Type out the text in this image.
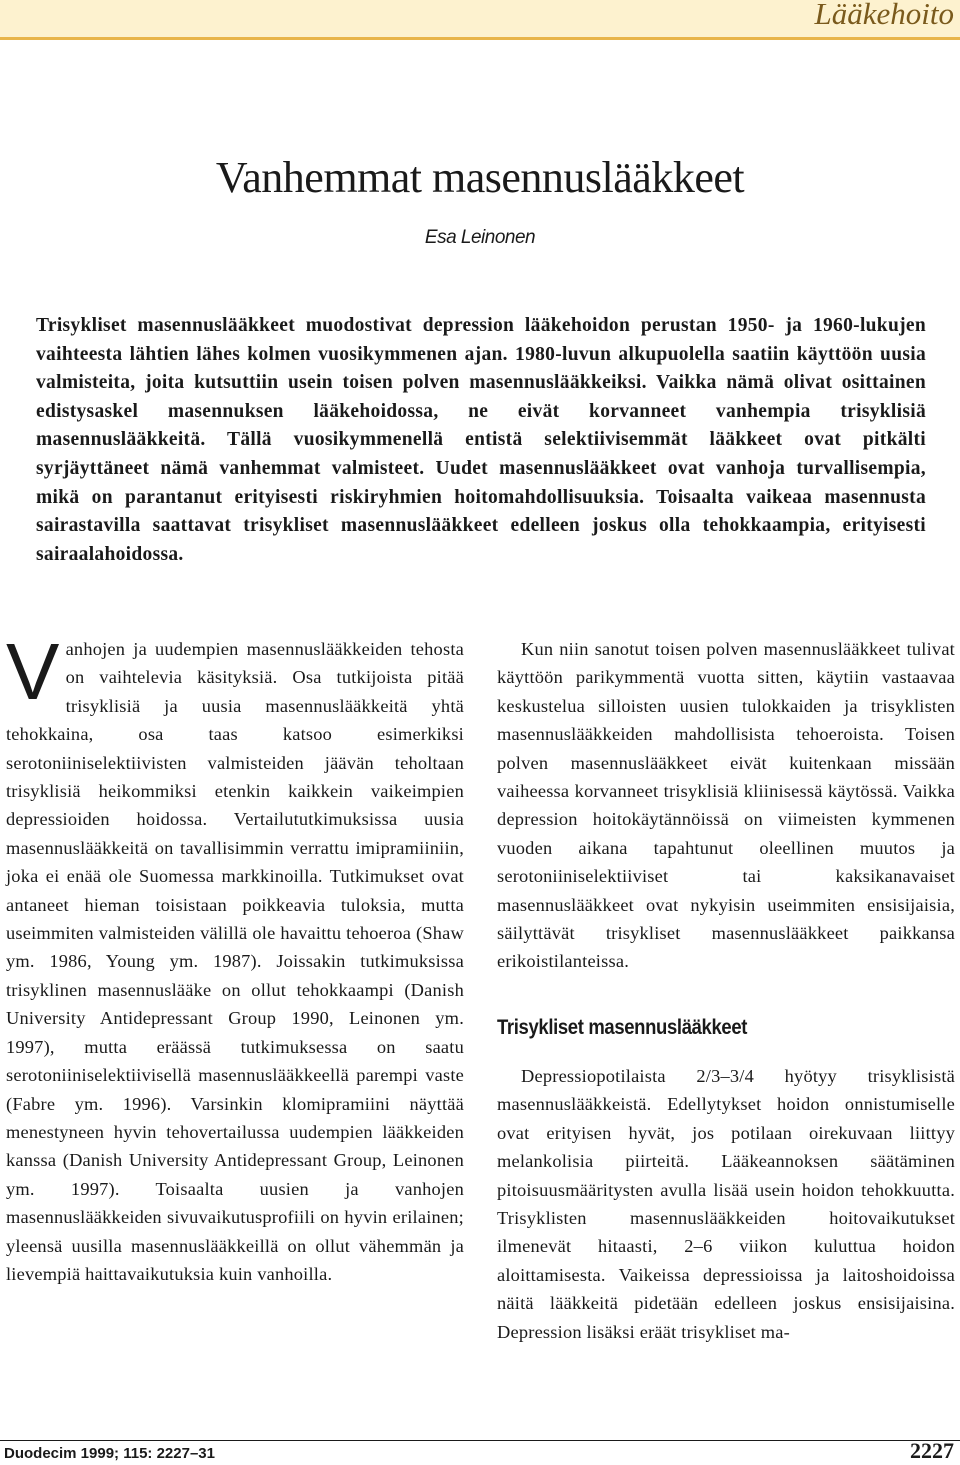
Lääkehoito
Vanhemmat masennuslääkkeet
Esa Leinonen

Trisykliset masennuslääkkeet muodostivat depression lääkehoidon perustan 1950- ja 1960-lukujen vaihteesta lähtien lähes kolmen vuosikymmenen ajan. 1980-luvun alkupuolella saatiin käyttöön uusia valmisteita, joita kutsuttiin usein toisen polven masennuslääkkeiksi. Vaikka nämä olivat osittainen edistysaskel masennuksen lääkehoidossa, ne eivät korvanneet vanhempia trisyklisiä masennuslääkkeitä. Tällä vuosikymmenellä entistä selektiivisemmät lääkkeet ovat pitkälti syrjäyttäneet nämä vanhemmat valmisteet. Uudet masennuslääkkeet ovat vanhoja turvallisempia, mikä on parantanut erityisesti riskiryhmien hoitomahdollisuuksia. Toisaalta vaikeaa masennusta sairastavilla saattavat trisykliset masennuslääkkeet edelleen joskus olla tehokkaampia, erityisesti sairaalahoidossa.

Vanhojen ja uudempien masennuslääkkeiden tehosta on vaihtelevia käsityksiä. Osa tutkijoista pitää trisyklisiä ja uusia masennuslääkkeitä yhtä tehokkaina, osa taas katsoo esimerkiksi serotoniiniselektiivisten valmisteiden jäävän teholtaan trisyklisiä heikommiksi etenkin kaikkein vaikeimpien depressioiden hoidossa. Vertailututkimuksissa uusia masennuslääkkeitä on tavallisimmin verrattu imipramiiniin, joka ei enää ole Suomessa markkinoilla. Tutkimukset ovat antaneet hieman toisistaan poikkeavia tuloksia, mutta useimmiten valmisteiden välillä ole havaittu tehoeroa (Shaw ym. 1986, Young ym. 1987). Joissakin tutkimuksissa trisyklinen masennuslääke on ollut tehokkaampi (Danish University Antidepressant Group 1990, Leinonen ym. 1997), mutta eräässä tutkimuksessa on saatu serotoniiniselektiivisellä masennuslääkkeellä parempi vaste (Fabre ym. 1996). Varsinkin klomipramiini näyttää menestyneen hyvin tehovertailussa uudempien lääkkeiden kanssa (Danish University Antidepressant Group, Leinonen ym. 1997). Toisaalta uusien ja vanhojen masennuslääkkeiden sivuvaikutusprofiili on hyvin erilainen; yleensä uusilla masennuslääkkeillä on ollut vähemmän ja lievempiä haittavaikutuksia kuin vanhoilla.

Kun niin sanotut toisen polven masennuslääkkeet tulivat käyttöön parikymmentä vuotta sitten, käytiin vastaavaa keskustelua silloisten uusien tulokkaiden ja trisyklisten masennuslääkkeiden mahdollisista tehoeroista. Toisen polven masennuslääkkeet eivät kuitenkaan missään vaiheessa korvanneet trisyklisiä kliinisessä käytössä. Vaikka depression hoitokäytännöissä on viimeisten kymmenen vuoden aikana tapahtunut oleellinen muutos ja serotoniiniselektiiviset tai kaksikanavaiset masennuslääkkeet ovat nykyisin useimmiten ensisijaisia, säilyttävät trisykliset masennuslääkkeet paikkansa erikoistilanteissa.

Trisykliset masennuslääkkeet

Depressiopotilaista 2/3–3/4 hyötyy trisyklisistä masennuslääkkeistä. Edellytykset hoidon onnistumiselle ovat erityisen hyvät, jos potilaan oirekuvaan liittyy melankolisia piirteitä. Lääkeannoksen säätäminen pitoisuusmääritysten avulla lisää usein hoidon tehokkuutta. Trisyklisten masennuslääkkeiden hoitovaikutukset ilmenevät hitaasti, 2–6 viikon kuluttua hoidon aloittamisesta. Vaikeissa depressioissa ja laitoshoidoissa näitä lääkkeitä pidetään edelleen joskus ensisijaisina. Depression lisäksi eräät trisykliset ma-

Duodecim 1999; 115: 2227–31	2227
